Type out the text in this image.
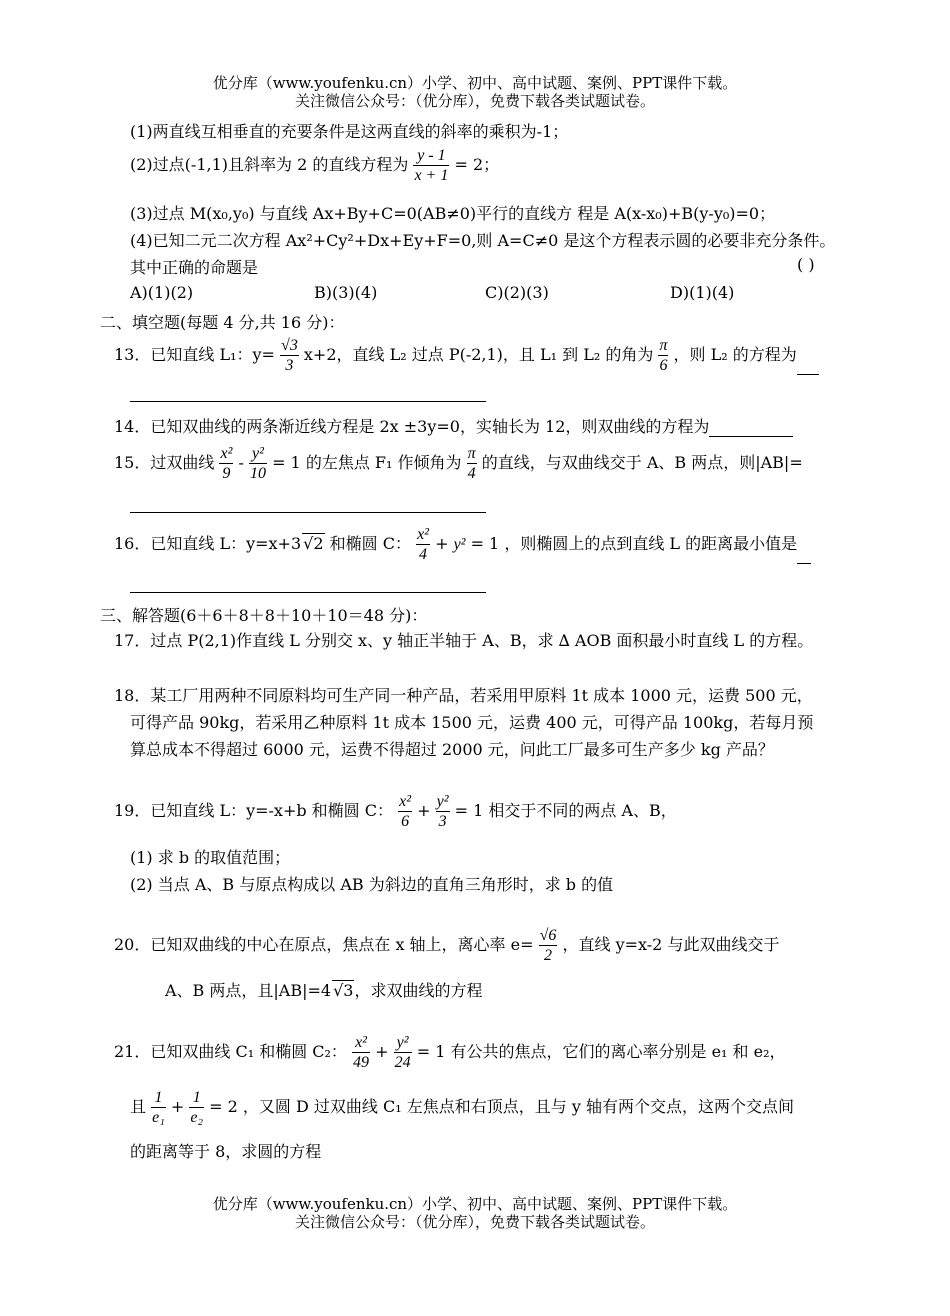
优分库（www.youfenku.cn）小学、初中、高中试题、案例、PPT课件下载。
关注微信公众号：（优分库），免费下载各类试题试卷。
(1)两直线互相垂直的充要条件是这两直线的斜率的乘积为-1；
(2)过点(-1,1)且斜率为 2 的直线方程为 $\frac{y - 1}{x + 1} = 2$；
(3)过点 M(x₀,y₀) 与直线 Ax+By+C=0(AB≠0)平行的直线方 程是 A(x-x₀)+B(y-y₀)=0；
(4)已知二元二次方程 Ax²+Cy²+Dx+Ey+F=0,则 A=C≠0 是这个方程表示圆的必要非充分条件。
其中正确的命题是	( )
A)(1)(2)	B)(3)(4)	C)(2)(3)	D)(1)(4)
二、填空题(每题 4 分,共 16 分)：
13．已知直线 L₁：$y= \frac{√3}{3} x+2$，直线 L₂ 过点 P(-2,1)，且 L₁ 到 L₂ 的角为 $\frac{\pi}{6}$ ，则 L₂ 的方程为
14．已知双曲线的两条渐近线方程是 2x ±3y=0，实轴长为 12，则双曲线的方程为
15．过双曲线 $\frac{\text{x²}}{9} - \frac{\text{y²}}{10} = 1$ 的左焦点 F₁ 作倾角为 $\frac{\pi}{4}$ 的直线，与双曲线交于 A、B 两点，则|AB|=
16．已知直线 L：y=x+3 √2 和椭圆 C： $\frac{\text{x²}}{4} + y^2 = 1$ ，则椭圆上的点到直线 L 的距离最小值是
三、解答题(6＋6＋8＋8＋10＋10＝48 分)：
17．过点 P(2,1)作直线 L 分别交 x、y 轴正半轴于 A、B，求 ∆ AOB 面积最小时直线 L 的方程。
18．某工厂用两种不同原料均可生产同一种产品，若采用甲原料 1t 成本 1000 元，运费 500 元，
可得产品 90kg，若采用乙种原料 1t 成本 1500 元，运费 400 元，可得产品 100kg，若每月预
算总成本不得超过 6000 元，运费不得超过 2000 元，问此工厂最多可生产多少 kg 产品？
19．已知直线 L：y=-x+b 和椭圆 C： $\frac{\text{x²}}{6} + \frac{\text{y²}}{3} = 1$ 相交于不同的两点 A、B，
(1) 求 b 的取值范围；
(2) 当点 A、B 与原点构成以 AB 为斜边的直角三角形时，求 b 的值
20．已知双曲线的中心在原点，焦点在 x 轴上，离心率 $e= \frac{√6}{2}$ ，直线 y=x-2 与此双曲线交于
A、B 两点，且|AB|=4 √3，求双曲线的方程
21．已知双曲线 C₁ 和椭圆 C₂： $\frac{\text{x²}}{49} + \frac{\text{y²}}{24} = 1$ 有公共的焦点，它们的离心率分别是 e₁ 和 e₂，
且 $\frac{1}{\text{e₁}} + \frac{1}{\text{e₂}} = 2$ ，又圆 D 过双曲线 C₁ 左焦点和右顶点，且与 y 轴有两个交点，这两个交点间
的距离等于 8，求圆的方程
优分库（www.youfenku.cn）小学、初中、高中试题、案例、PPT课件下载。
关注微信公众号：（优分库），免费下载各类试题试卷。
